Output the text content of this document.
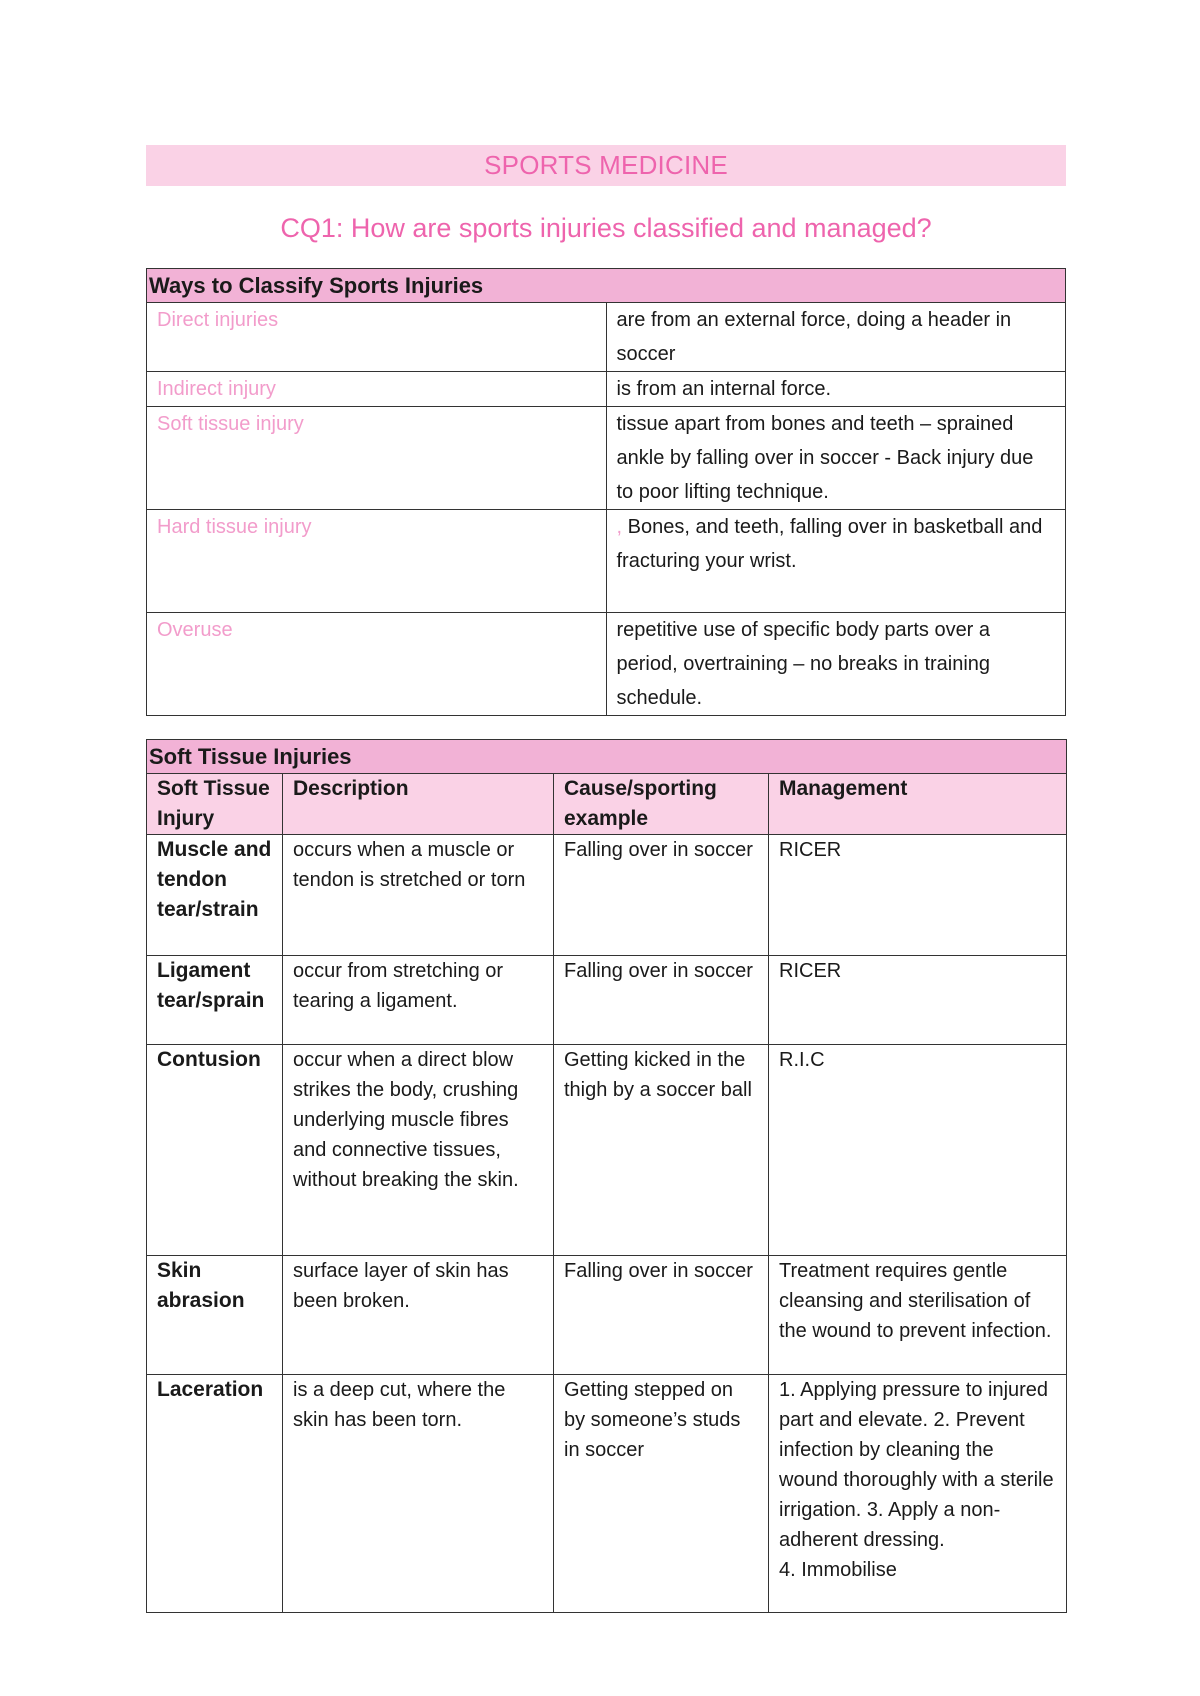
SPORTS MEDICINE
CQ1: How are sports injuries classified and managed?
Ways to Classify Sports Injuries	
Direct injuries	are from an external force, doing a header in soccer
Indirect injury	is from an internal force.
Soft tissue injury	tissue apart from bones and teeth – sprained ankle by falling over in soccer - Back injury due to poor lifting technique.
Hard tissue injury	, Bones, and teeth, falling over in basketball and fracturing your wrist.
Overuse	repetitive use of specific body parts over a period, overtraining – no breaks in training schedule.
Soft Tissue Injuries			
Soft Tissue Injury	Description	Cause/sporting example	Management
Muscle and tendon tear/strain	occurs when a muscle or tendon is stretched or torn	Falling over in soccer	RICER
Ligament tear/sprain	occur from stretching or tearing a ligament.	Falling over in soccer	RICER
Contusion	occur when a direct blow strikes the body, crushing underlying muscle fibres and connective tissues, without breaking the skin.	Getting kicked in the thigh by a soccer ball	R.I.C
Skin abrasion	surface layer of skin has been broken.	Falling over in soccer	Treatment requires gentle cleansing and sterilisation of the wound to prevent infection.
Laceration	is a deep cut, where the skin has been torn.	Getting stepped on by someone’s studs in soccer	1. Applying pressure to injured part and elevate. 2. Prevent infection by cleaning the wound thoroughly with a sterile irrigation. 3. Apply a non-adherent dressing.
4. Immobilise
